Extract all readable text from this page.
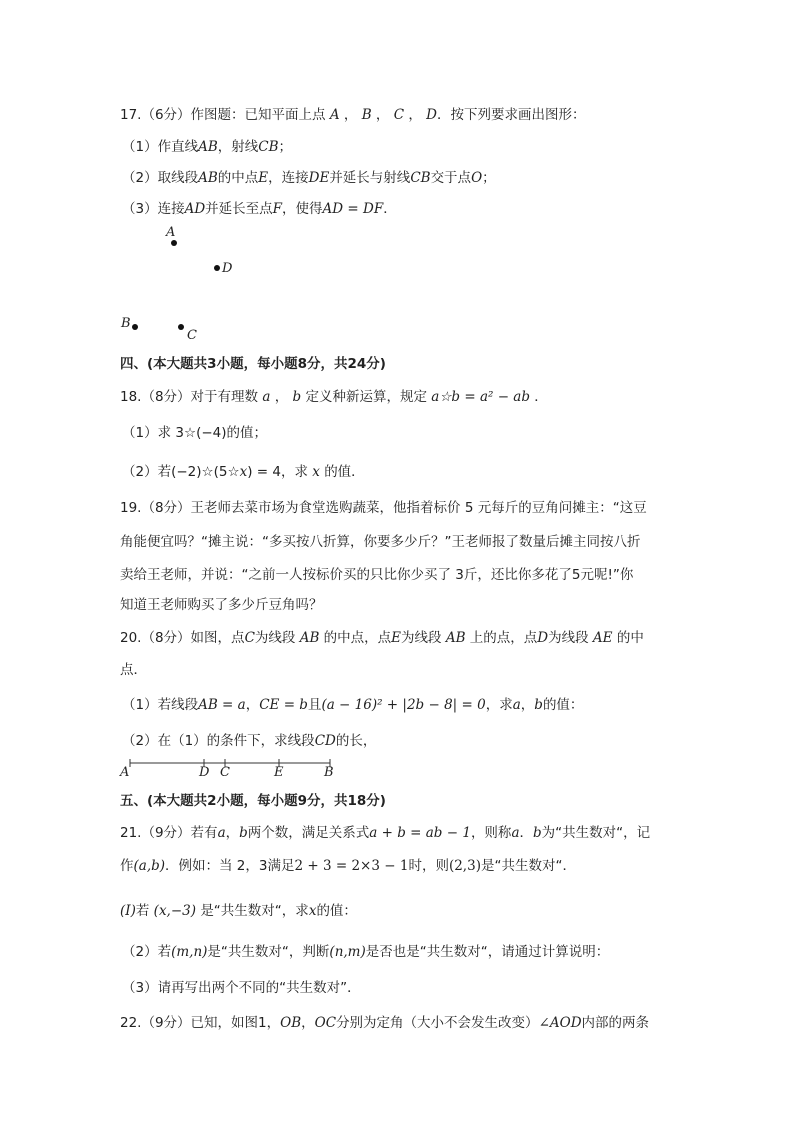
17.（6分）作图题：已知平面上点 A ， B ， C ， D．按下列要求画出图形：
（1）作直线AB，射线CB；
（2）取线段AB的中点E，连接DE并延长与射线CB交于点O；
（3）连接AD并延长至点F，使得AD = DF．
A
D
B
C
四、(本大题共3小题，每小题8分，共24分)
18.（8分）对于有理数 a ， b 定义种新运算，规定 a☆b = a² − ab ．
（1）求 3☆(−4)的值；
（2）若(−2)☆(5☆x) = 4，求 x 的值．
19.（8分）王老师去菜市场为食堂选购蔬菜，他指着标价 5 元每斤的豆角问摊主：“这豆
角能便宜吗？“摊主说：“多买按八折算，你要多少斤？”王老师报了数量后摊主同按八折
卖给王老师，并说：“之前一人按标价买的只比你少买了 3斤，还比你多花了5元呢!”你
知道王老师购买了多少斤豆角吗？
20.（8分）如图，点C为线段 AB 的中点，点E为线段 AB 上的点，点D为线段 AE 的中
点．
（1）若线段AB = a，CE = b且(a − 16)² + |2b − 8| = 0，求a，b的值：
（2）在（1）的条件下，求线段CD的长，
A	D C	E	B
五、(本大题共2小题，每小题9分，共18分)
21.（9分）若有a，b两个数，满足关系式a + b = ab − 1，则称a．b为“共生数对“，记
作(a,b)．例如：当 2，3满足2 + 3 = 2×3 − 1时，则(2,3)是“共生数对“．
(I)若 (x,−3) 是“共生数对“，求x的值：
（2）若(m,n)是“共生数对“，判断(n,m)是否也是“共生数对“，请通过计算说明：
（3）请再写出两个不同的“共生数对”．
22.（9分）已知，如图1，OB，OC分别为定角（大小不会发生改变）∠AOD内部的两条
